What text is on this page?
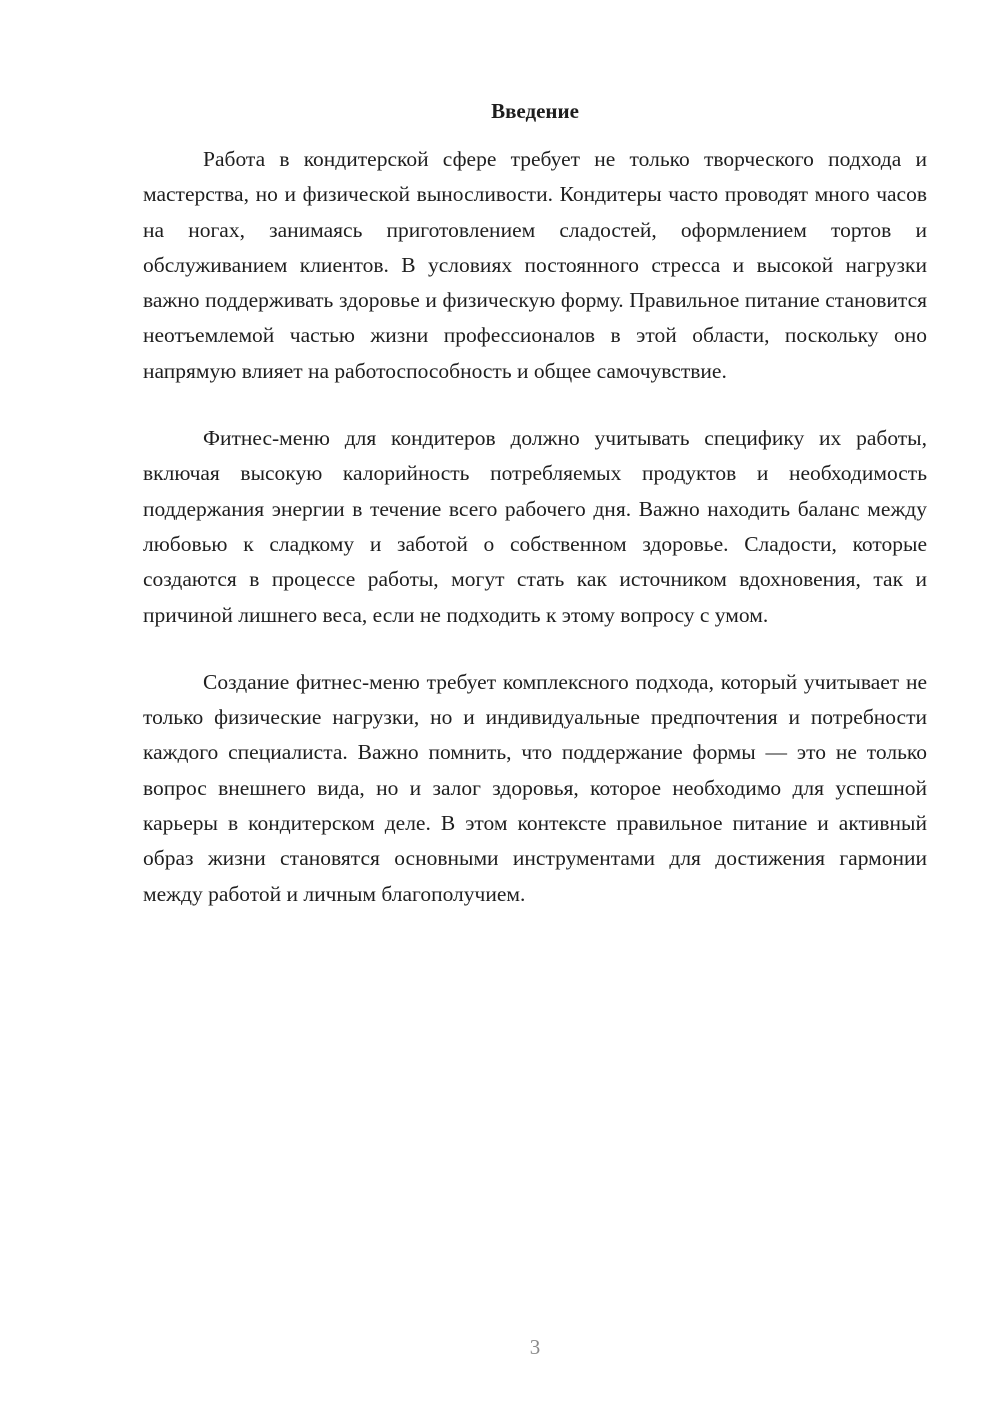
Введение

Работа в кондитерской сфере требует не только творческого подхода и мастерства, но и физической выносливости. Кондитеры часто проводят много часов на ногах, занимаясь приготовлением сладостей, оформлением тортов и обслуживанием клиентов. В условиях постоянного стресса и высокой нагрузки важно поддерживать здоровье и физическую форму. Правильное питание становится неотъемлемой частью жизни профессионалов в этой области, поскольку оно напрямую влияет на работоспособность и общее самочувствие.

Фитнес-меню для кондитеров должно учитывать специфику их работы, включая высокую калорийность потребляемых продуктов и необходимость поддержания энергии в течение всего рабочего дня. Важно находить баланс между любовью к сладкому и заботой о собственном здоровье. Сладости, которые создаются в процессе работы, могут стать как источником вдохновения, так и причиной лишнего веса, если не подходить к этому вопросу с умом.

Создание фитнес-меню требует комплексного подхода, который учитывает не только физические нагрузки, но и индивидуальные предпочтения и потребности каждого специалиста. Важно помнить, что поддержание формы — это не только вопрос внешнего вида, но и залог здоровья, которое необходимо для успешной карьеры в кондитерском деле. В этом контексте правильное питание и активный образ жизни становятся основными инструментами для достижения гармонии между работой и личным благополучием.

3
